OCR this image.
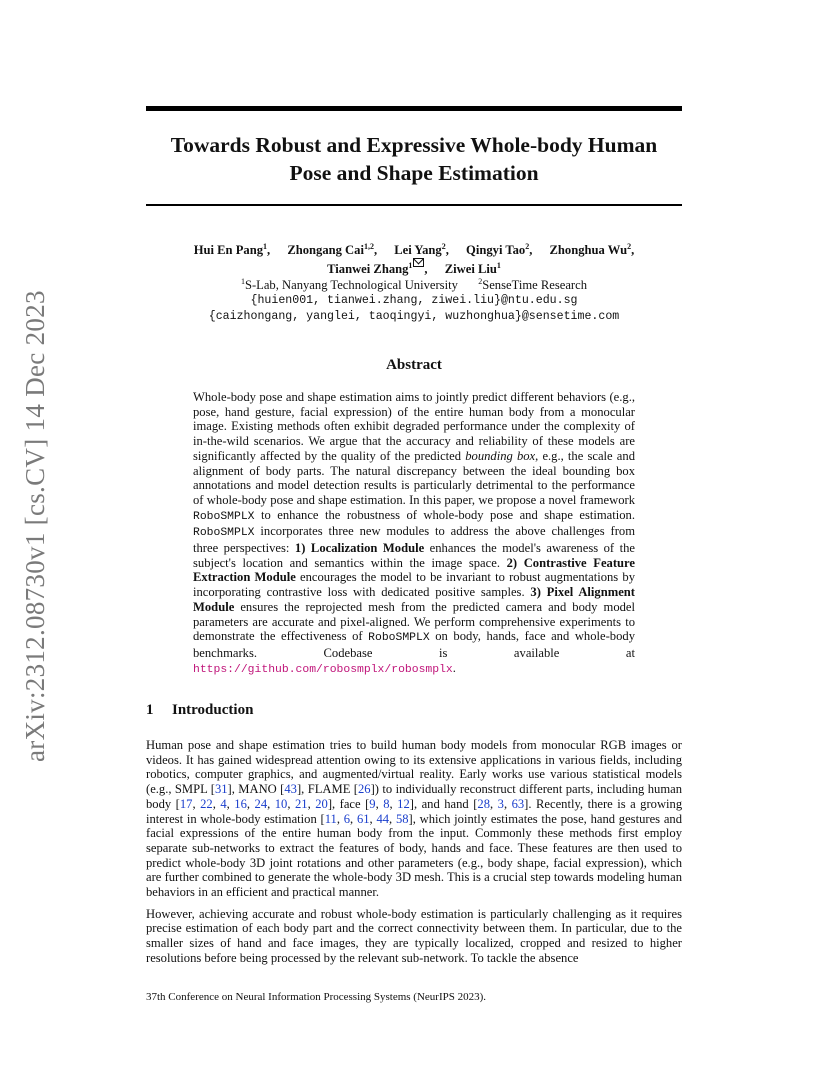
arXiv:2312.08730v1 [cs.CV] 14 Dec 2023
Towards Robust and Expressive Whole-body Human
Pose and Shape Estimation
Hui En Pang$^1$, Zhongang Cai$^{1,2}$, Lei Yang$^2$, Qingyi Tao$^2$, Zhonghua Wu$^2$,
Tianwei Zhang$^1$ , Ziwei Liu$^1$
$^1$S-Lab, Nanyang Technological University	$^2$SenseTime Research
{huien001, tianwei.zhang, ziwei.liu}@ntu.edu.sg
{caizhongang, yanglei, taoqingyi, wuzhonghua}@sensetime.com
Abstract
Whole-body pose and shape estimation aims to jointly predict different behaviors (e.g., pose, hand gesture, facial expression) of the entire human body from a monocular image. Existing methods often exhibit degraded performance under the complexity of in-the-wild scenarios. We argue that the accuracy and reliability of these models are significantly affected by the quality of the predicted bounding box, e.g., the scale and alignment of body parts. The natural discrepancy between the ideal bounding box annotations and model detection results is particularly detrimental to the performance of whole-body pose and shape estimation. In this paper, we propose a novel framework RoboSMPLX to enhance the robustness of whole-body pose and shape estimation. RoboSMPLX incorporates three new modules to address the above challenges from three perspectives: 1) Localization Module enhances the model's awareness of the subject's location and semantics within the image space. 2) Contrastive Feature Extraction Module encourages the model to be invariant to robust augmentations by incorporating contrastive loss with dedicated positive samples. 3) Pixel Alignment Module ensures the reprojected mesh from the predicted camera and body model parameters are accurate and pixel-aligned. We perform comprehensive experiments to demonstrate the effectiveness of RoboSMPLX on body, hands, face and whole-body benchmarks. Codebase is available at https://github.com/robosmplx/robosmplx.
1 Introduction

Human pose and shape estimation tries to build human body models from monocular RGB images or videos. It has gained widespread attention owing to its extensive applications in various fields, including robotics, computer graphics, and augmented/virtual reality. Early works use various statistical models (e.g., SMPL [31], MANO [43], FLAME [26]) to individually reconstruct different parts, including human body [17, 22, 4, 16, 24, 10, 21, 20], face [9, 8, 12], and hand [28, 3, 63]. Recently, there is a growing interest in whole-body estimation [11, 6, 61, 44, 58], which jointly estimates the pose, hand gestures and facial expressions of the entire human body from the input. Commonly these methods first employ separate sub-networks to extract the features of body, hands and face. These features are then used to predict whole-body 3D joint rotations and other parameters (e.g., body shape, facial expression), which are further combined to generate the whole-body 3D mesh. This is a crucial step towards modeling human behaviors in an efficient and practical manner.

However, achieving accurate and robust whole-body estimation is particularly challenging as it requires precise estimation of each body part and the correct connectivity between them. In particular, due to the smaller sizes of hand and face images, they are typically localized, cropped and resized to higher resolutions before being processed by the relevant sub-network. To tackle the absence

37th Conference on Neural Information Processing Systems (NeurIPS 2023).
